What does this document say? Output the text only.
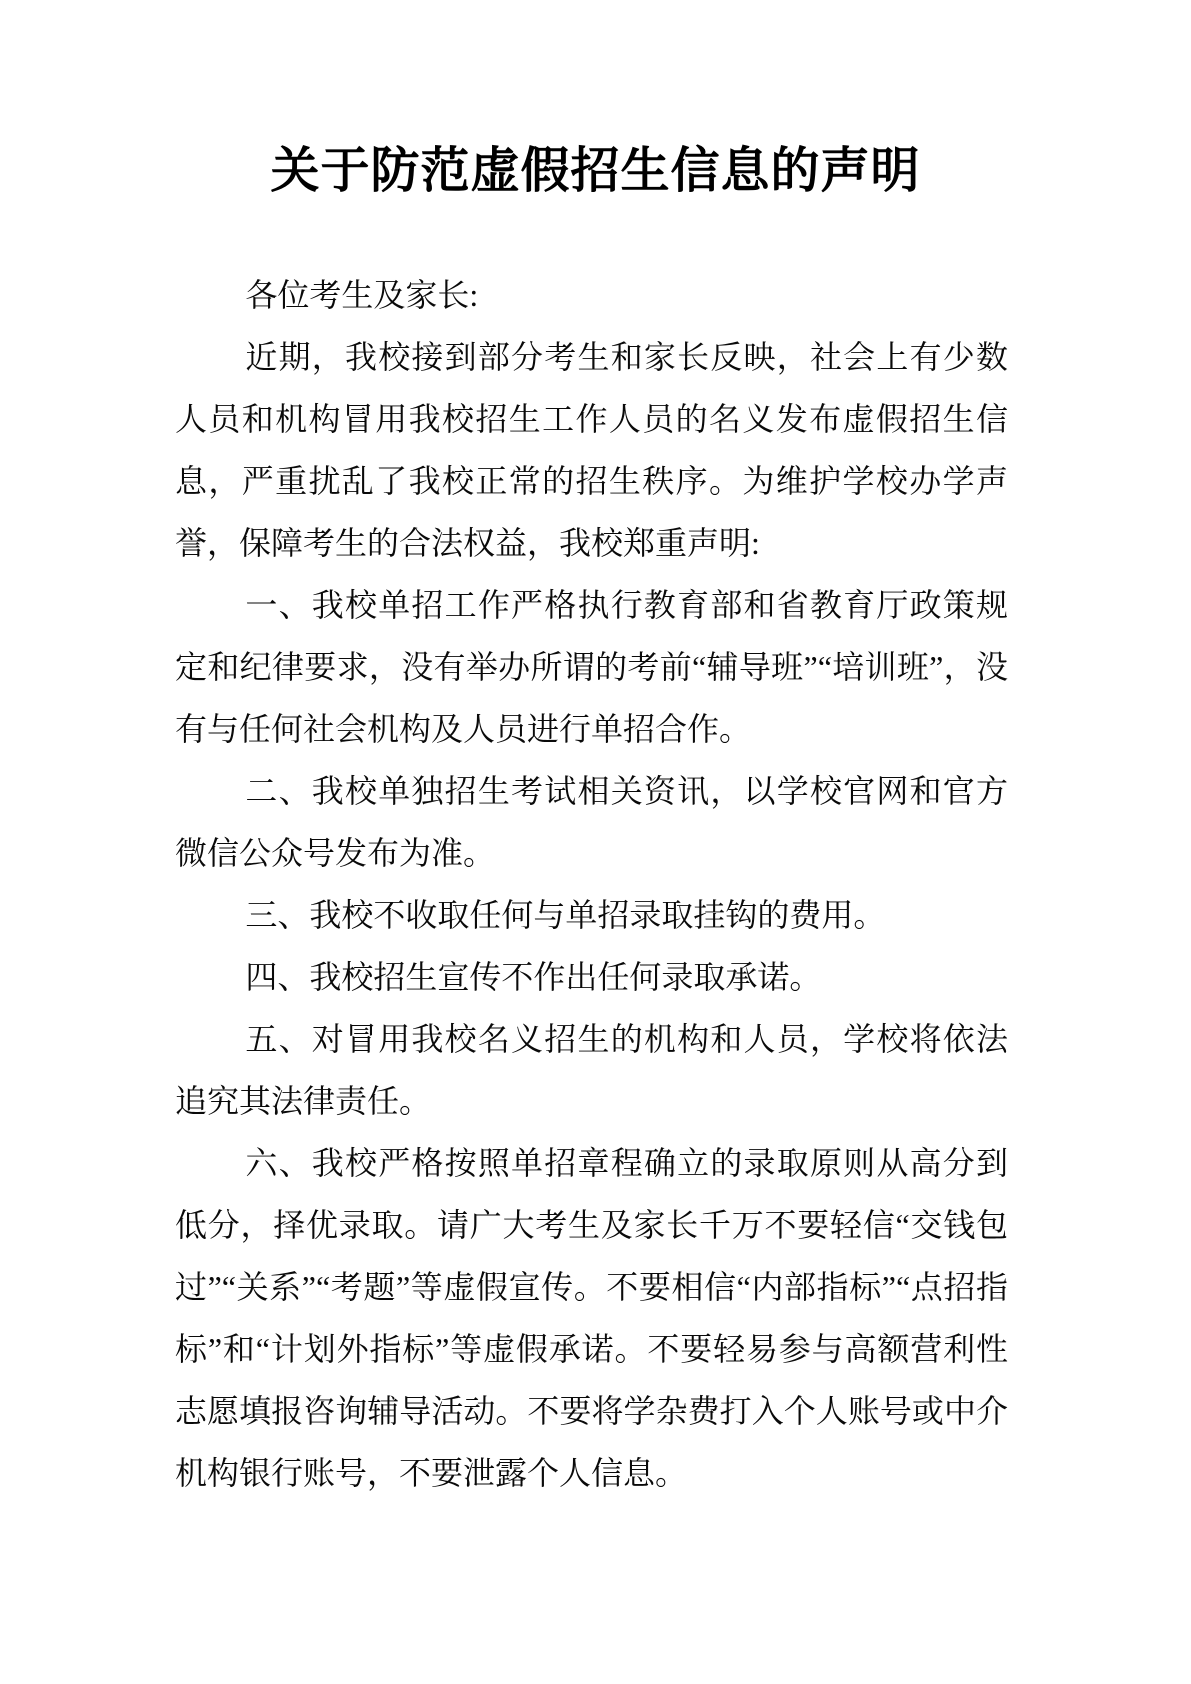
关于防范虚假招生信息的声明

各位考生及家长:

近期，我校接到部分考生和家长反映，社会上有少数人员和机构冒用我校招生工作人员的名义发布虚假招生信息，严重扰乱了我校正常的招生秩序。为维护学校办学声誉，保障考生的合法权益，我校郑重声明:

一、我校单招工作严格执行教育部和省教育厅政策规定和纪律要求，没有举办所谓的考前“辅导班”“培训班”，没有与任何社会机构及人员进行单招合作。

二、我校单独招生考试相关资讯，以学校官网和官方微信公众号发布为准。

三、我校不收取任何与单招录取挂钩的费用。

四、我校招生宣传不作出任何录取承诺。

五、对冒用我校名义招生的机构和人员，学校将依法追究其法律责任。

六、我校严格按照单招章程确立的录取原则从高分到低分，择优录取。请广大考生及家长千万不要轻信“交钱包过”“关系”“考题”等虚假宣传。不要相信“内部指标”“点招指标”和“计划外指标”等虚假承诺。不要轻易参与高额营利性志愿填报咨询辅导活动。不要将学杂费打入个人账号或中介机构银行账号，不要泄露个人信息。
